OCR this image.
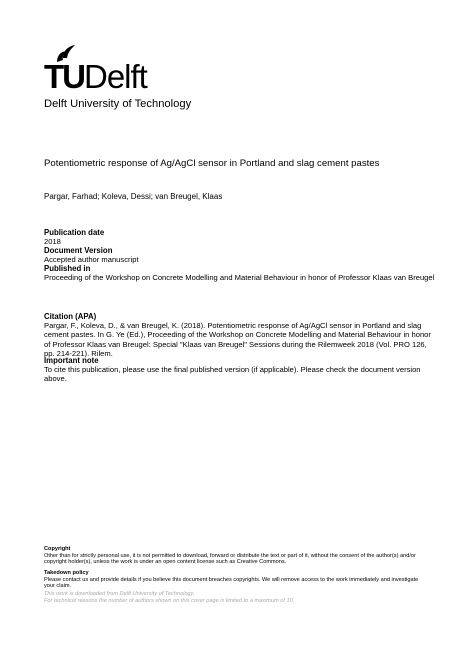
TUDelft
Delft University of Technology
Potentiometric response of Ag/AgCl sensor in Portland and slag cement pastes
Pargar, Farhad; Koleva, Dessi; van Breugel, Klaas
Publication date
2018
Document Version
Accepted author manuscript
Published in
Proceeding of the Workshop on Concrete Modelling and Material Behaviour in honor of Professor Klaas van Breugel
Citation (APA)
Pargar, F., Koleva, D., & van Breugel, K. (2018). Potentiometric response of Ag/AgCl sensor in Portland and slag cement pastes. In G. Ye (Ed.), Proceeding of the Workshop on Concrete Modelling and Material Behaviour in honor of Professor Klaas van Breugel: Special "Klaas van Breugel" Sessions during the Rilemweek 2018 (Vol. PRO 126, pp. 214-221). Rilem.
Important note
To cite this publication, please use the final published version (if applicable). Please check the document version above.
Copyright
Other than for strictly personal use, it is not permitted to download, forward or distribute the text or part of it, without the consent of the author(s) and/or copyright holder(s), unless the work is under an open content license such as Creative Commons.
Takedown policy
Please contact us and provide details if you believe this document breaches copyrights. We will remove access to the work immediately and investigate your claim.
This work is downloaded from Delft University of Technology.
For technical reasons the number of authors shown on this cover page is limited to a maximum of 10.
